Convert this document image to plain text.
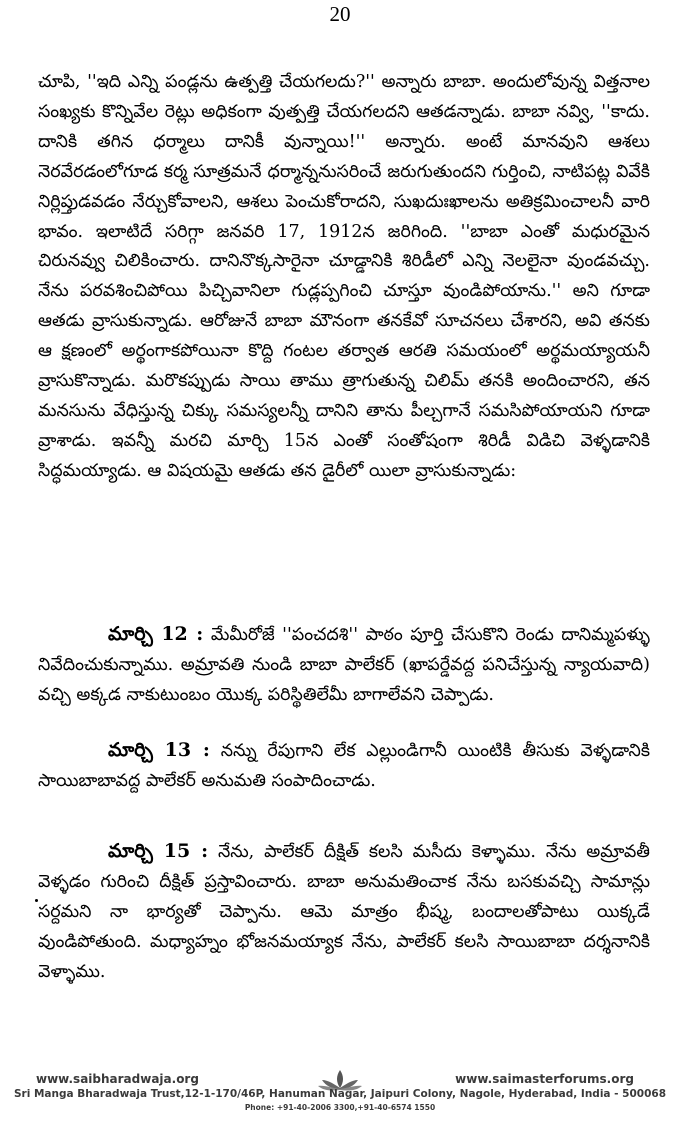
20

చూపి, ''ఇది ఎన్ని పండ్లను ఉత్పత్తి చేయగలదు?'' అన్నారు బాబా. అందులోవున్న విత్తనాల సంఖ్యకు కొన్నివేల రెట్లు అధికంగా వుత్పత్తి చేయగలదని ఆతడన్నాడు. బాబా నవ్వి, ''కాదు. దానికి తగిన ధర్మాలు దానికీ వున్నాయి!'' అన్నారు. అంటే మానవుని ఆశలు నెరవేరడంలోగూడ కర్మ సూత్రమనే ధర్మాన్ననుసరించే జరుగుతుందని గుర్తించి, నాటిపట్ల వివేకి నిర్లిప్తుడవడం నేర్చుకోవాలని, ఆశలు పెంచుకోరాదని, సుఖదుఃఖాలను అతిక్రమించాలనీ వారి భావం. ఇలాటిదే సరిగ్గా జనవరి 17, 1912న జరిగింది. ''బాబా ఎంతో మధురమైన చిరునవ్వు చిలికించారు. దానినొక్కసారైనా చూడ్డానికి శిరిడీలో ఎన్ని నెలలైనా వుండవచ్చు. నేను పరవశించిపోయి పిచ్చివానిలా గుడ్లప్పగించి చూస్తూ వుండిపోయాను.'' అని గూడా ఆతడు వ్రాసుకున్నాడు. ఆరోజునే బాబా మౌనంగా తనకేవో సూచనలు చేశారని, అవి తనకు ఆ క్షణంలో అర్థంగాకపోయినా కొద్ది గంటల తర్వాత ఆరతి సమయంలో అర్థమయ్యాయనీ వ్రాసుకొన్నాడు. మరొకప్పుడు సాయి తాము త్రాగుతున్న చిలిమ్ తనకి అందించారని, తన మనసును వేధిస్తున్న చిక్కు సమస్యలన్నీ దానిని తాను పీల్చగానే సమసిపోయాయని గూడా వ్రాశాడు. ఇవన్నీ మరచి మార్చి 15న ఎంతో సంతోషంగా శిరిడీ విడిచి వెళ్ళడానికి సిద్ధమయ్యాడు. ఆ విషయమై ఆతడు తన డైరీలో యిలా వ్రాసుకున్నాడు:

మార్చి 12 : మేమీరోజే ''పంచదశి'' పాఠం పూర్తి చేసుకొని రెండు దానిమ్మపళ్ళు నివేదించుకున్నాము. అమ్రావతి నుండి బాబా పాలేకర్ (ఖాపర్డేవద్ద పనిచేస్తున్న న్యాయవాది) వచ్చి అక్కడ నాకుటుంబం యొక్క పరిస్థితిలేమీ బాగాలేవని చెప్పాడు.

మార్చి 13 : నన్ను రేపుగాని లేక ఎల్లుండిగానీ యింటికి తీసుకు వెళ్ళడానికి సాయిబాబావద్ద పాలేకర్ అనుమతి సంపాదించాడు.

మార్చి 15 : నేను, పాలేకర్ దీక్షిత్ కలసి మసీదు కెళ్ళాము. నేను అమ్రావతీ వెళ్ళడం గురించి దీక్షిత్ ప్రస్తావించారు. బాబా అనుమతించాక నేను బసకువచ్చి సామాన్లు సర్దమని నా భార్యతో చెప్పాను. ఆమె మాత్రం భీష్మ, బందాలతోపాటు యిక్కడే వుండిపోతుంది. మధ్యాహ్నం భోజనమయ్యాక నేను, పాలేకర్ కలసి సాయిబాబా దర్శనానికి వెళ్ళాము.

www.saibharadwaja.org	www.saimasterforums.org
Sri Manga Bharadwaja Trust,12-1-170/46P, Hanuman Nagar, Jaipuri Colony, Nagole, Hyderabad, India - 500068
Phone: +91-40-2006 3300,+91-40-6574 1550
